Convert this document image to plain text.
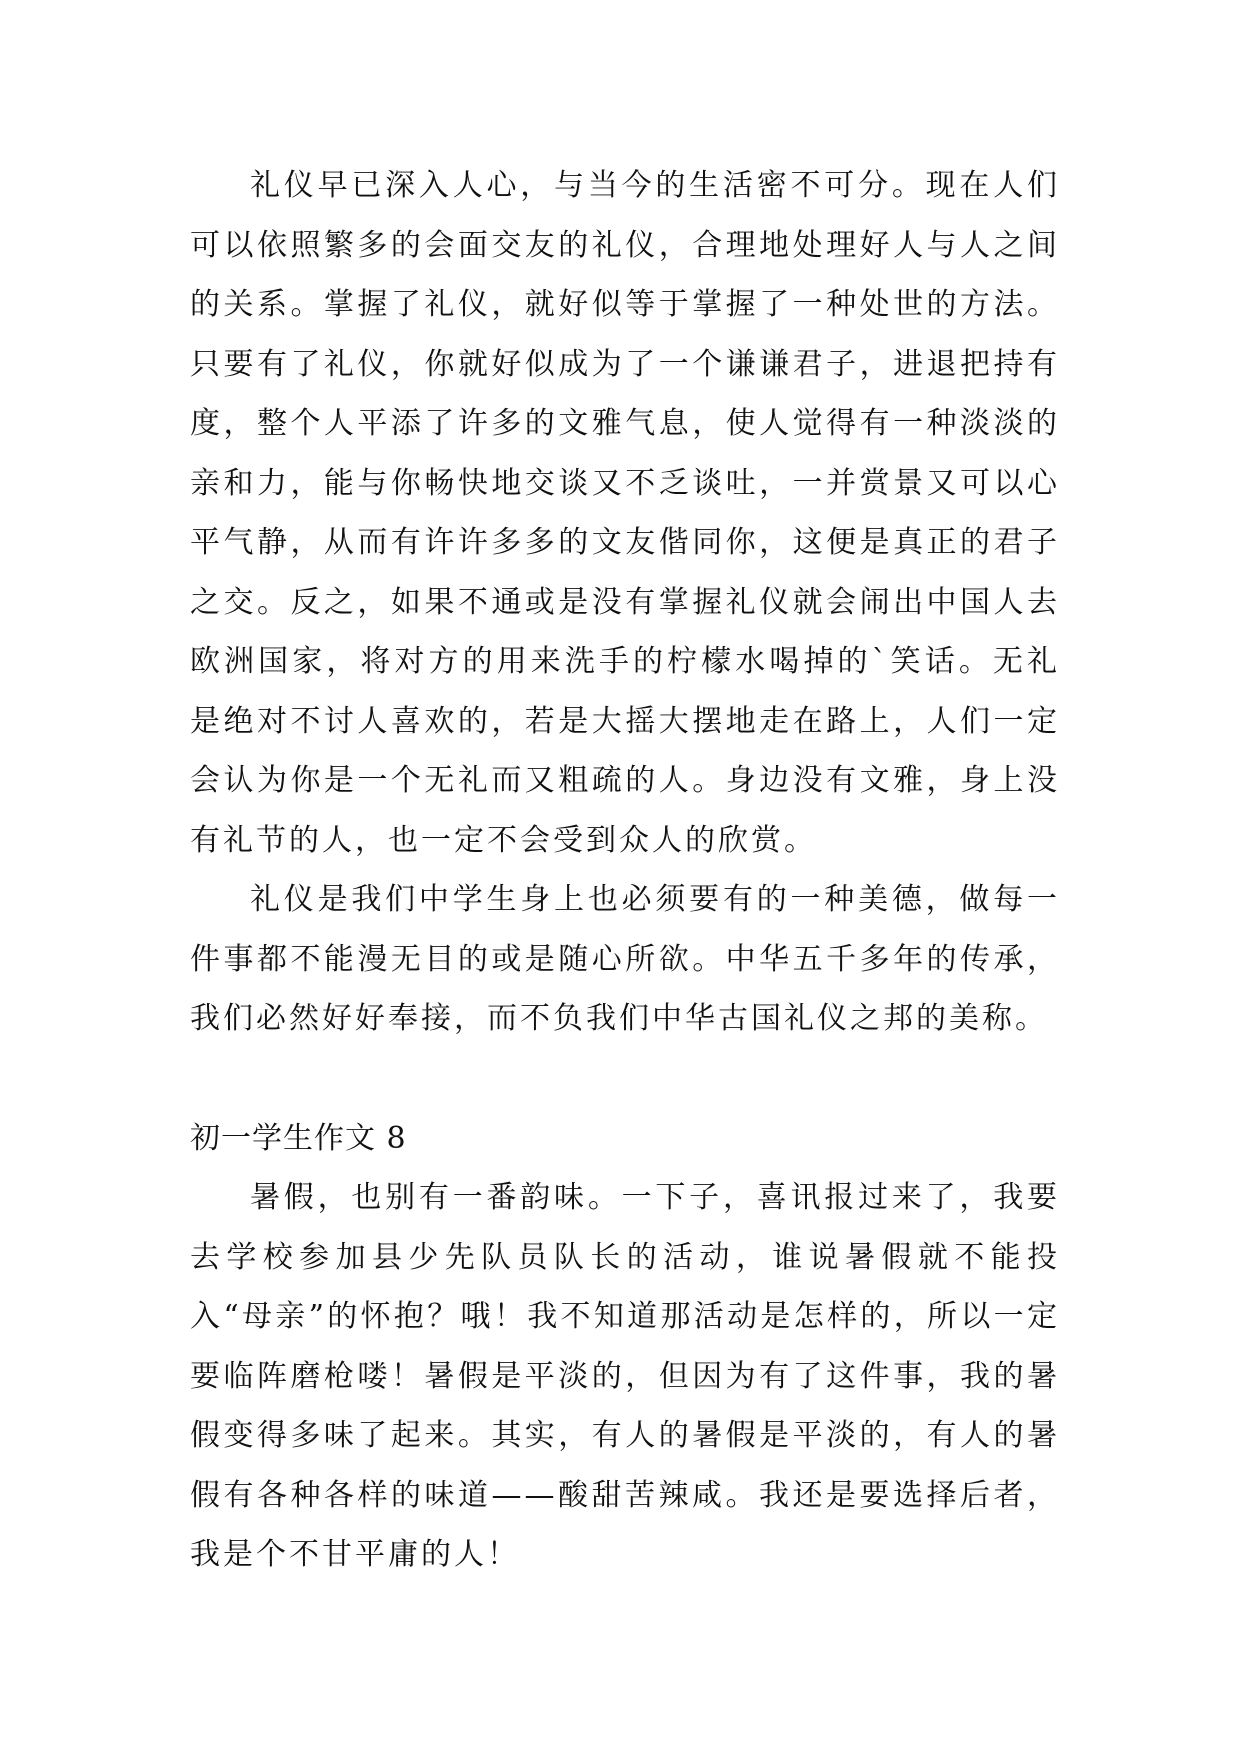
礼仪早已深入人心，与当今的生活密不可分。现在人们可以依照繁多的会面交友的礼仪，合理地处理好人与人之间的关系。掌握了礼仪，就好似等于掌握了一种处世的方法。只要有了礼仪，你就好似成为了一个谦谦君子，进退把持有度，整个人平添了许多的文雅气息，使人觉得有一种淡淡的亲和力，能与你畅快地交谈又不乏谈吐，一并赏景又可以心平气静，从而有许许多多的文友偕同你，这便是真正的君子之交。反之，如果不通或是没有掌握礼仪就会闹出中国人去欧洲国家，将对方的用来洗手的柠檬水喝掉的`笑话。无礼是绝对不讨人喜欢的，若是大摇大摆地走在路上，人们一定会认为你是一个无礼而又粗疏的人。身边没有文雅，身上没有礼节的人，也一定不会受到众人的欣赏。

礼仪是我们中学生身上也必须要有的一种美德，做每一件事都不能漫无目的或是随心所欲。中华五千多年的传承，我们必然好好奉接，而不负我们中华古国礼仪之邦的美称。

初一学生作文 8

暑假，也别有一番韵味。一下子，喜讯报过来了，我要去学校参加县少先队员队长的活动，谁说暑假就不能投入“母亲”的怀抱？哦！我不知道那活动是怎样的，所以一定要临阵磨枪喽！暑假是平淡的，但因为有了这件事，我的暑假变得多味了起来。其实，有人的暑假是平淡的，有人的暑假有各种各样的味道——酸甜苦辣咸。我还是要选择后者，我是个不甘平庸的人！
